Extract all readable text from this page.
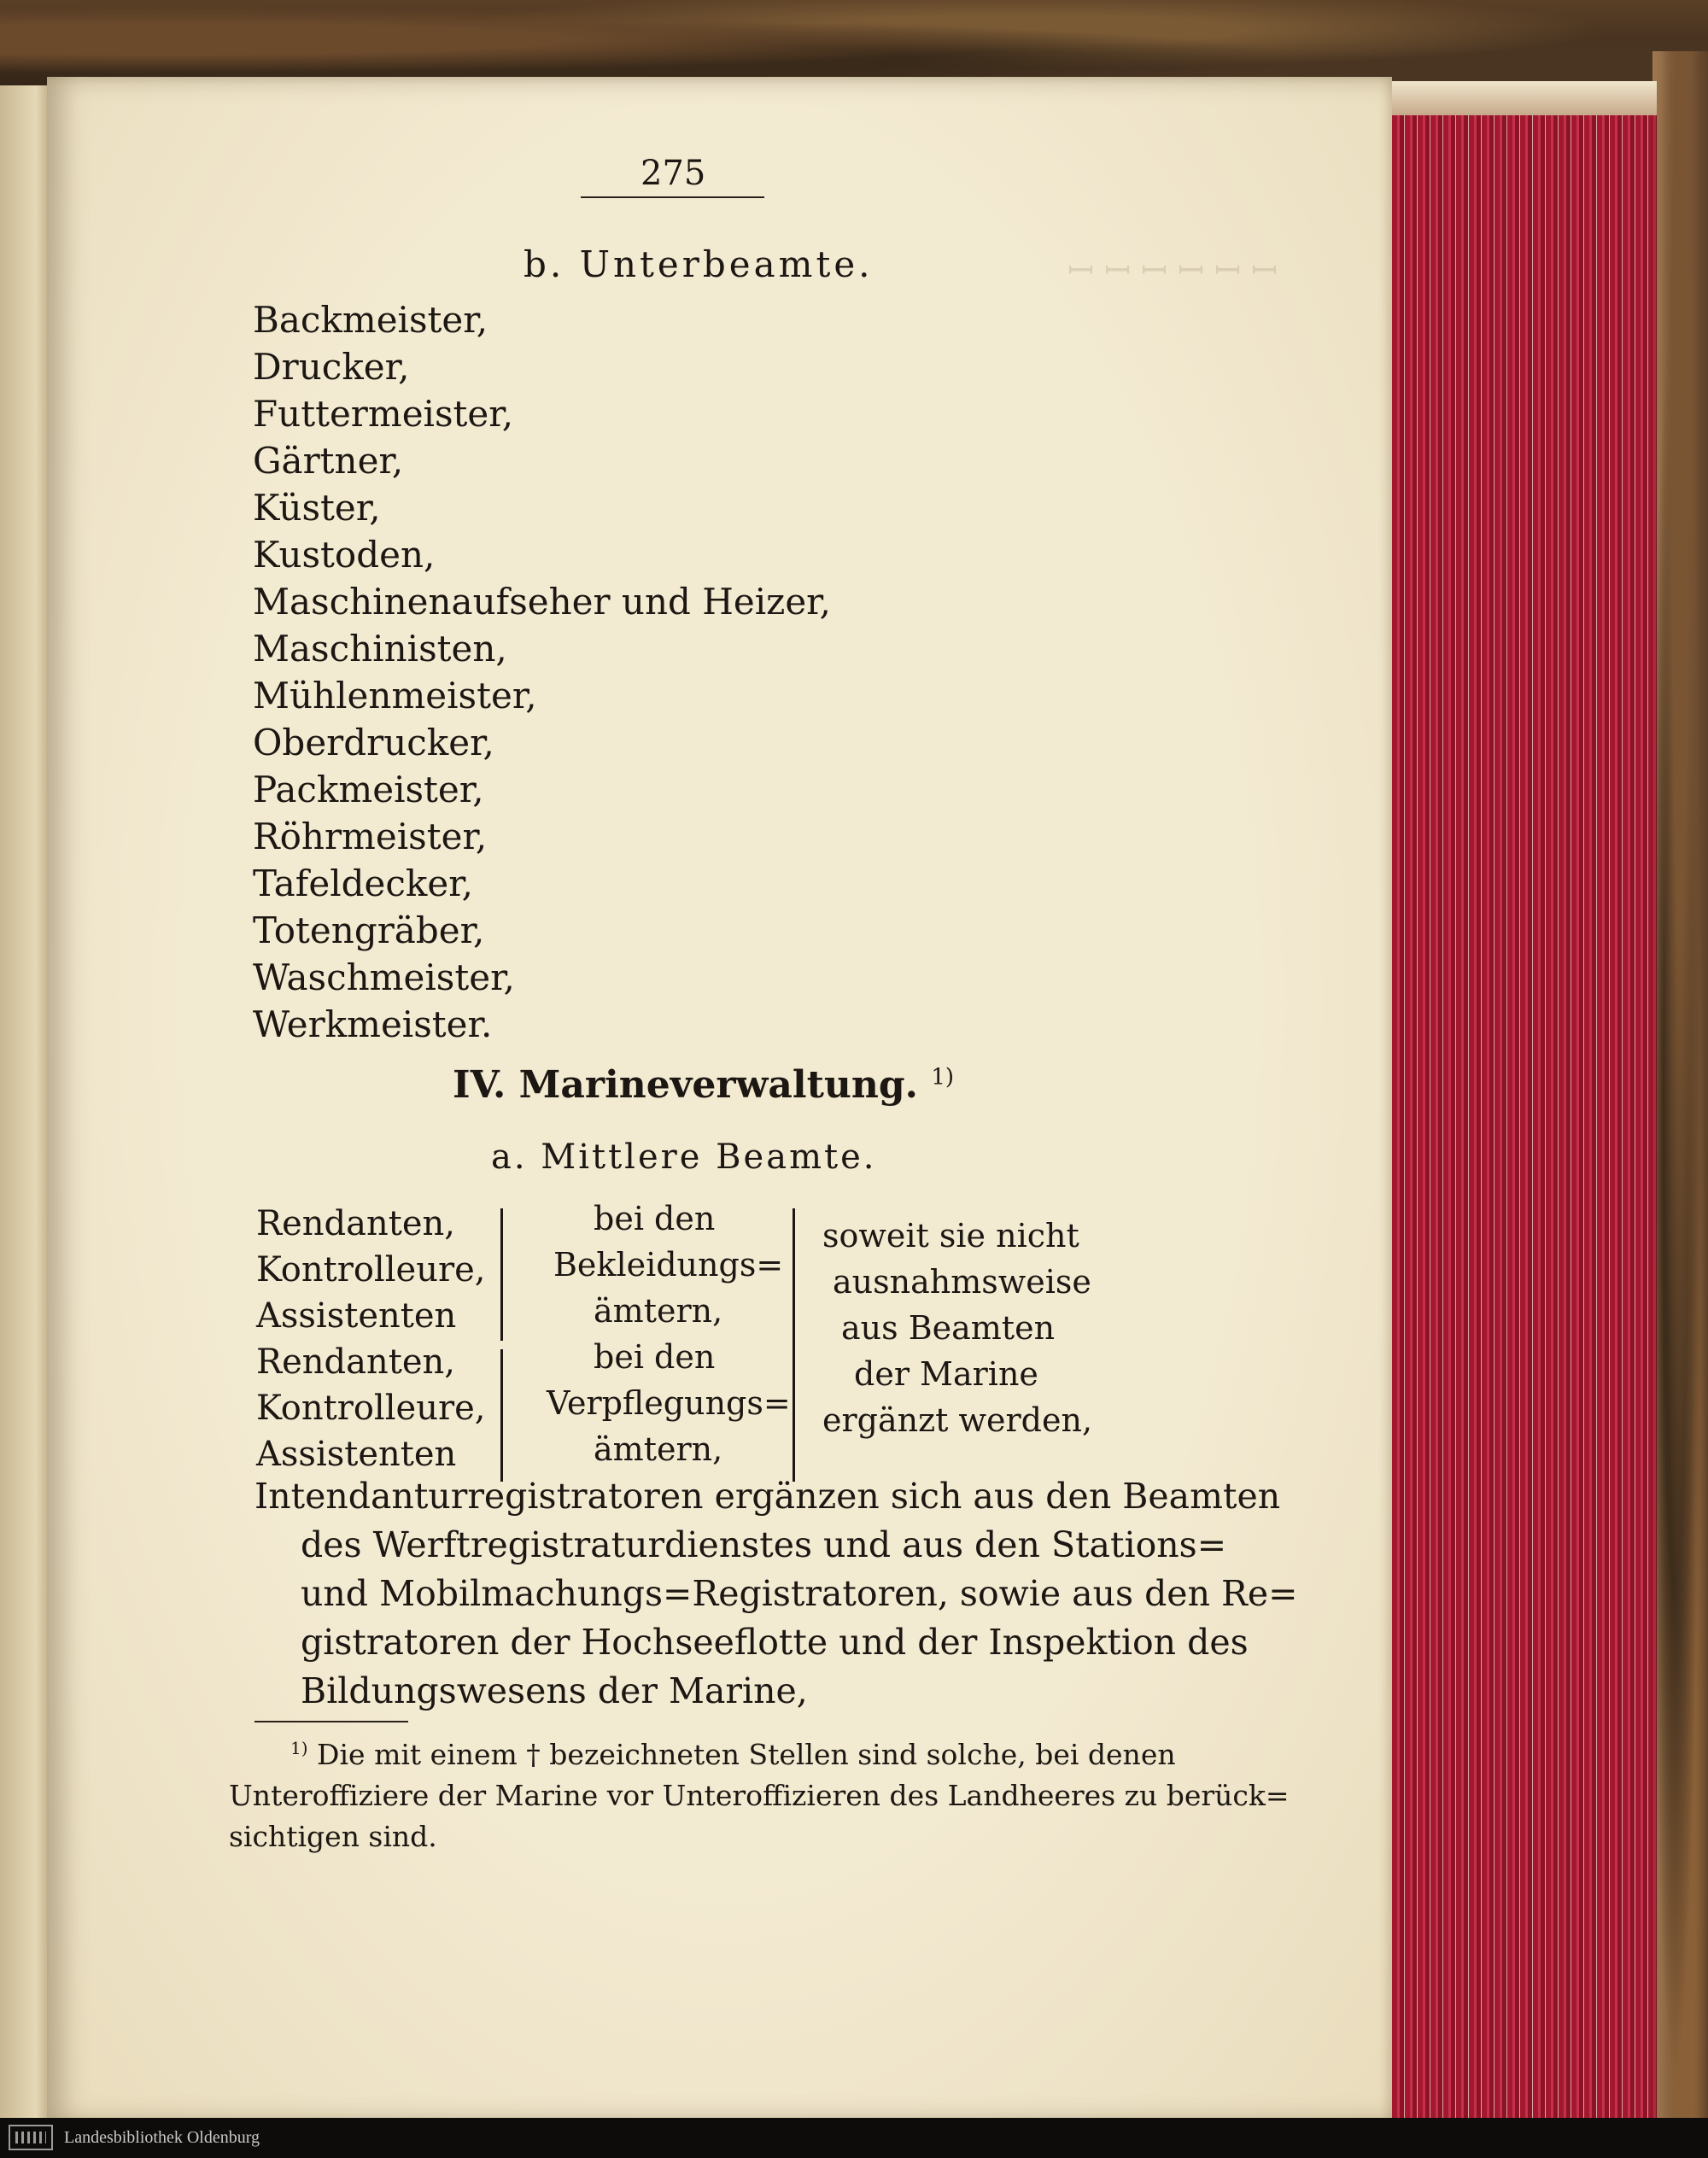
ꟷ ꟷ ꟷ ꟷ ꟷ ꟷ
275
b. Unterbeamte.
Backmeister,
Drucker,
Futtermeister,
Gärtner,
Küster,
Kustoden,
Maschinenaufseher und Heizer,
Maschinisten,
Mühlenmeister,
Oberdrucker,
Packmeister,
Röhrmeister,
Tafeldecker,
Totengräber,
Waschmeister,
Werkmeister.
IV. Marineverwaltung. $^{1)}$
a. Mittlere Beamte.
Rendanten,
Kontrolleure,
Assistenten
Rendanten,
Kontrolleure,
Assistenten
bei den
Bekleidungs=
ämtern,
bei den
Verpflegungs=
ämtern,
soweit sie nicht
ausnahmsweise
aus Beamten
der Marine
ergänzt werden,
Intendanturregistratoren ergänzen sich aus den Beamten
des Werftregistraturdienstes und aus den Stations=
und Mobilmachungs=Registratoren, sowie aus den Re=
gistratoren der Hochseeflotte und der Inspektion des
Bildungswesens der Marine,
$^{1)}$ Die mit einem † bezeichneten Stellen sind solche, bei denen
Unteroffiziere der Marine vor Unteroffizieren des Landheeres zu berück=
sichtigen sind.
Landesbibliothek Oldenburg
